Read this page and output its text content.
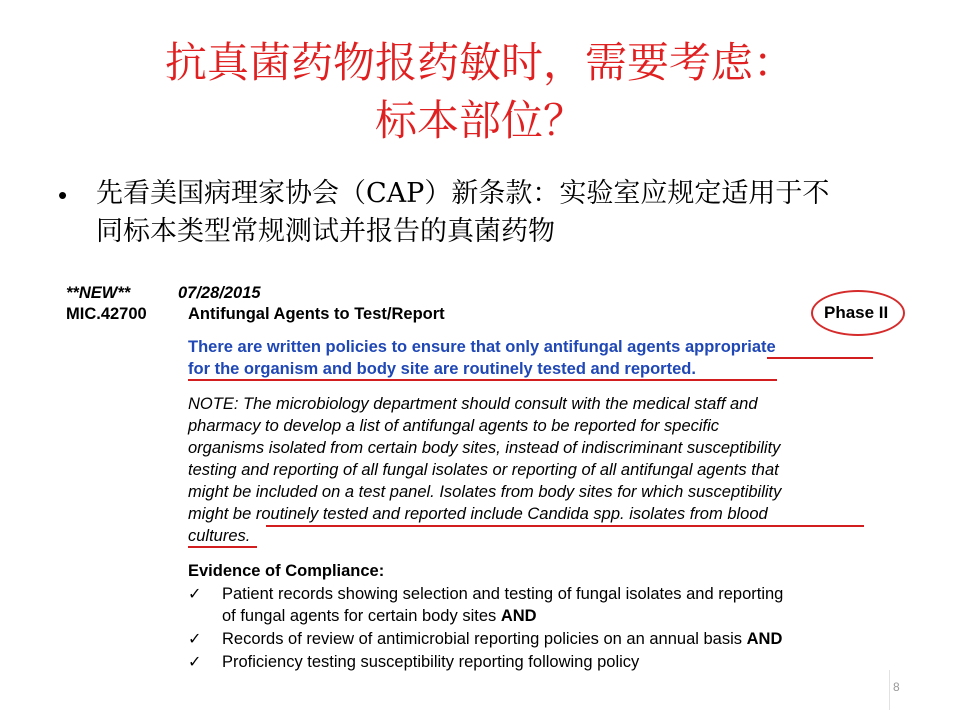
抗真菌药物报药敏时，需要考虑：
标本部位？
• 先看美国病理家协会（CAP）新条款：实验室应规定适用于不
同标本类型常规测试并报告的真菌药物
**NEW**	07/28/2015
MIC.42700	Antifungal Agents to Test/Report	Phase II
There are written policies to ensure that only antifungal agents appropriate
for the organism and body site are routinely tested and reported.
NOTE: The microbiology department should consult with the medical staff and
pharmacy to develop a list of antifungal agents to be reported for specific
organisms isolated from certain body sites, instead of indiscriminant susceptibility
testing and reporting of all fungal isolates or reporting of all antifungal agents that
might be included on a test panel. Isolates from body sites for which susceptibility
might be routinely tested and reported include Candida spp. isolates from blood
cultures.
Evidence of Compliance:
✓ Patient records showing selection and testing of fungal isolates and reporting
of fungal agents for certain body sites AND
✓ Records of review of antimicrobial reporting policies on an annual basis AND
✓ Proficiency testing susceptibility reporting following policy
8
